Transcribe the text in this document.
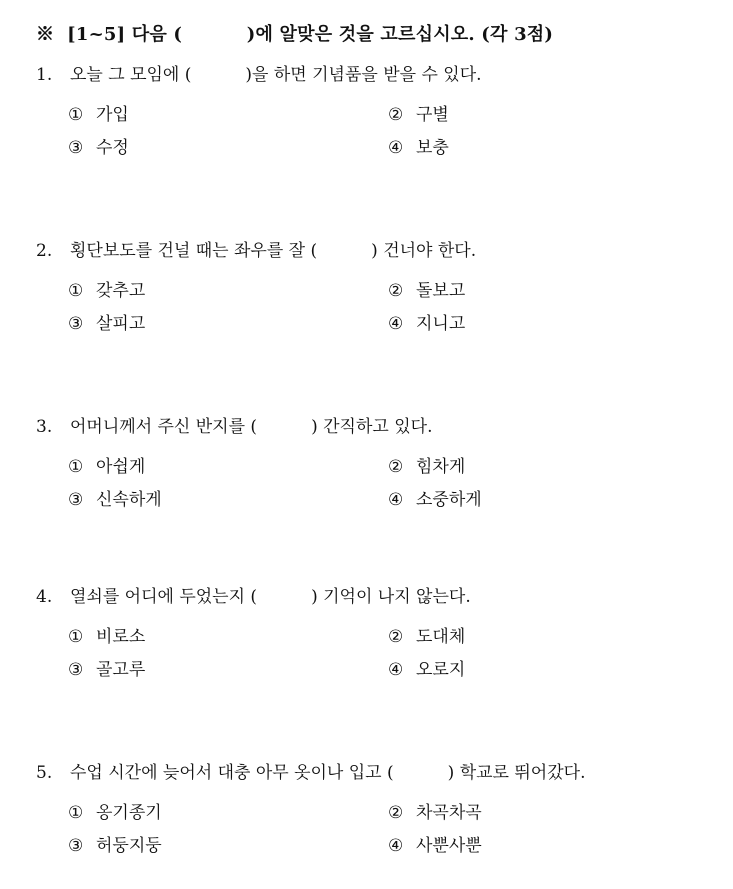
※  [1~5] 다음 (          )에 알맞은 것을 고르십시오. (각 3점)
1. 오늘 그 모임에 (          )을 하면 기념품을 받을 수 있다.
① 가입	② 구별
③ 수정	④ 보충
2. 횡단보도를 건널 때는 좌우를 잘 (          ) 건너야 한다.
① 갖추고	② 돌보고
③ 살피고	④ 지니고
3. 어머니께서 주신 반지를 (          ) 간직하고 있다.
① 아쉽게	② 힘차게
③ 신속하게	④ 소중하게
4. 열쇠를 어디에 두었는지 (          ) 기억이 나지 않는다.
① 비로소	② 도대체
③ 골고루	④ 오로지
5. 수업 시간에 늦어서 대충 아무 옷이나 입고 (          ) 학교로 뛰어갔다.
① 옹기종기	② 차곡차곡
③ 허둥지둥	④ 사뿐사뿐
